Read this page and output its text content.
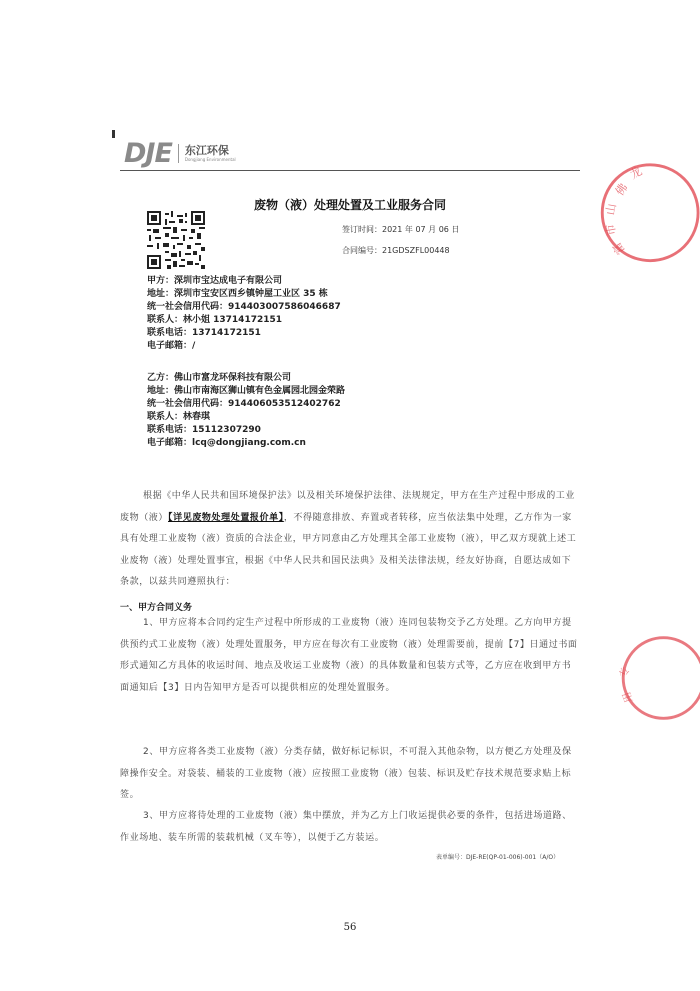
DJE 东江环保
Dongjiang Environmental
废物（液）处理处置及工业服务合同
签订时间：2021 年 07 月 06 日
合同编号：21GDSZFL00448
甲方：深圳市宝达成电子有限公司
地址：深圳市宝安区西乡镇钟屋工业区 35 栋
统一社会信用代码：914403007586046687
联系人：林小姐 13714172151
联系电话：13714172151
电子邮箱：/
乙方：佛山市富龙环保科技有限公司
地址：佛山市南海区狮山镇有色金属园北园金荣路
统一社会信用代码：914406053512402762
联系人：林春琪
联系电话：15112307290
电子邮箱：lcq@dongjiang.com.cn
根据《中华人民共和国环境保护法》以及相关环境保护法律、法规规定，甲方在生产过程中形成的工业废物（液）【详见废物处理处置报价单】，不得随意排放、弃置或者转移，应当依法集中处理，乙方作为一家具有处理工业废物（液）资质的合法企业，甲方同意由乙方处理其全部工业废物（液），甲乙双方现就上述工业废物（液）处理处置事宜，根据《中华人民共和国民法典》及相关法律法规，经友好协商，自愿达成如下条款，以兹共同遵照执行：
一、甲方合同义务
1、甲方应将本合同约定生产过程中所形成的工业废物（液）连同包装物交予乙方处理。乙方向甲方提供预约式工业废物（液）处理处置服务，甲方应在每次有工业废物（液）处理需要前，提前【7】日通过书面形式通知乙方具体的收运时间、地点及收运工业废物（液）的具体数量和包装方式等，乙方应在收到甲方书面通知后【3】日内告知甲方是否可以提供相应的处理处置服务。
2、甲方应将各类工业废物（液）分类存储，做好标记标识，不可混入其他杂物，以方便乙方处理及保障操作安全。对袋装、桶装的工业废物（液）应按照工业废物（液）包装、标识及贮存技术规范要求贴上标签。
3、甲方应将待处理的工业废物（液）集中摆放，并为乙方上门收运提供必要的条件，包括进场道路、作业场地、装车所需的装载机械（叉车等），以便于乙方装运。
表单编号：DJE-RE(QP-01-006)-001（A/O）
56
佛
山
市
富
龙
专
用
